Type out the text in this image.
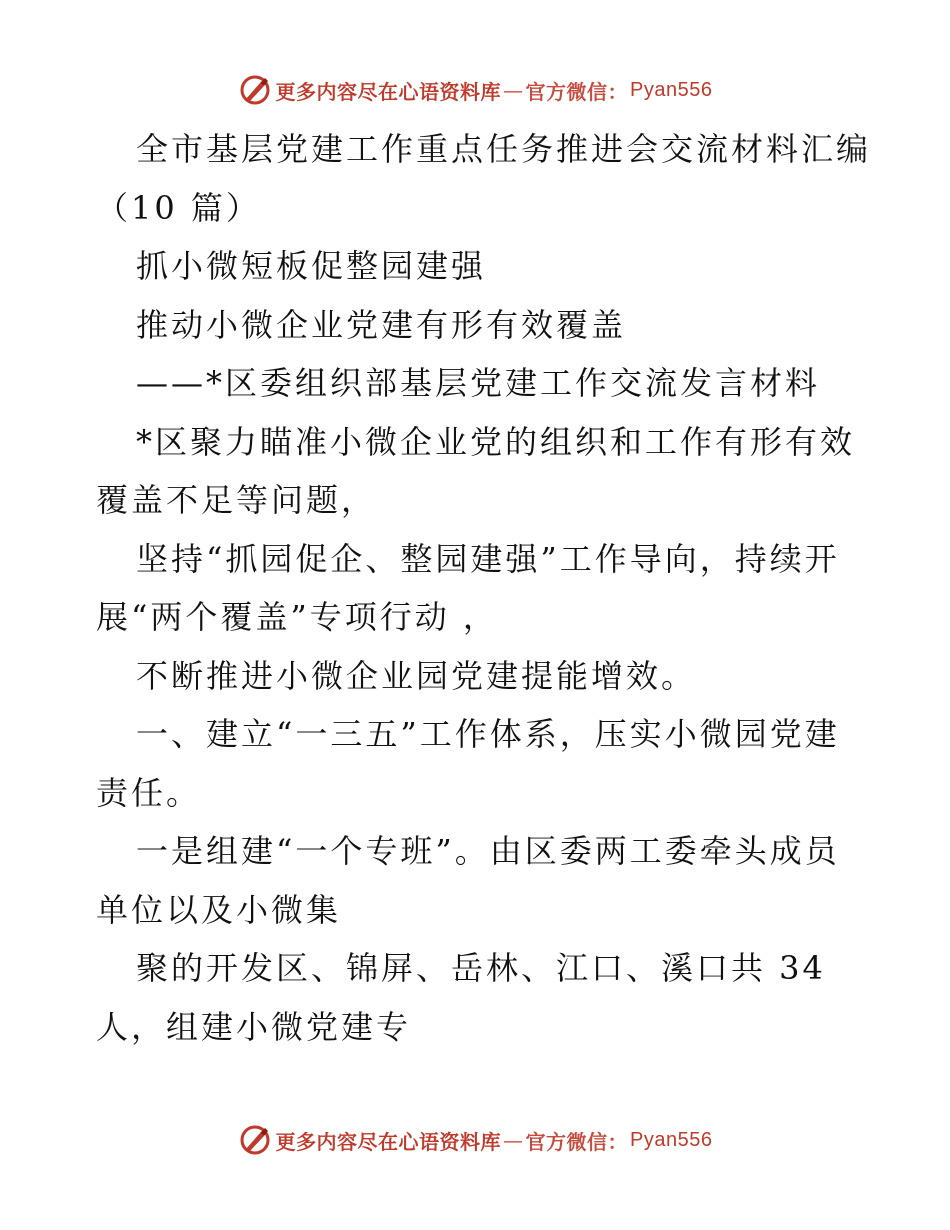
更多内容尽在心语资料库 — 官方微信： Pyan556
全市基层党建工作重点任务推进会交流材料汇编
（10 篇）
抓小微短板促整园建强
推动小微企业党建有形有效覆盖
——*区委组织部基层党建工作交流发言材料
*区聚力瞄准小微企业党的组织和工作有形有效
覆盖不足等问题，
坚持“抓园促企、整园建强”工作导向，持续开
展“两个覆盖”专项行动 ，
不断推进小微企业园党建提能增效。
一、建立“一三五”工作体系，压实小微园党建
责任。
一是组建“一个专班”。由区委两工委牵头成员
单位以及小微集
聚的开发区、锦屏、岳林、江口、溪口共 34
人，组建小微党建专
更多内容尽在心语资料库 — 官方微信： Pyan556
